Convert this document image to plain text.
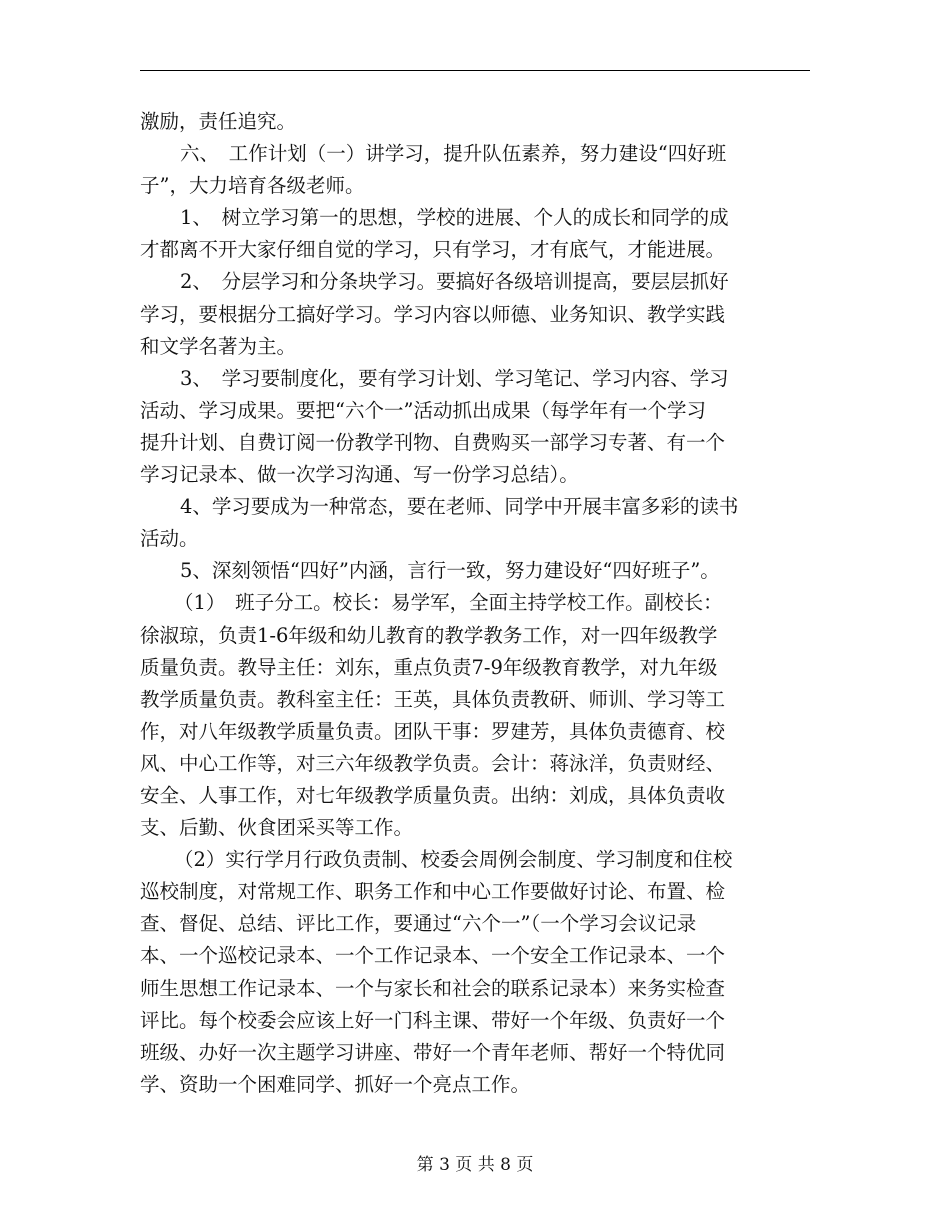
激励，责任追究。
六、　工作计划（一）讲学习，提升队伍素养，努力建设“四好班
子”，大力培育各级老师。
1、　树立学习第一的思想，学校的进展、个人的成长和同学的成
才都离不开大家仔细自觉的学习，只有学习，才有底气，才能进展。
2、　分层学习和分条块学习。要搞好各级培训提高，要层层抓好
学习，要根据分工搞好学习。学习内容以师德、业务知识、教学实践
和文学名著为主。
3、　学习要制度化，要有学习计划、学习笔记、学习内容、学习
活动、学习成果。要把“六个一”活动抓出成果（每学年有一个学习
提升计划、自费订阅一份教学刊物、自费购买一部学习专著、有一个
学习记录本、做一次学习沟通、写一份学习总结）。
4、学习要成为一种常态，要在老师、同学中开展丰富多彩的读书
活动。
5、深刻领悟“四好”内涵，言行一致，努力建设好“四好班子”。
（1）　班子分工。校长：易学军，全面主持学校工作。副校长：
徐淑琼，负责1-6年级和幼儿教育的教学教务工作，对一四年级教学
质量负责。教导主任：刘东，重点负责7-9年级教育教学，对九年级
教学质量负责。教科室主任：王英，具体负责教研、师训、学习等工
作，对八年级教学质量负责。团队干事：罗建芳，具体负责德育、校
风、中心工作等，对三六年级教学负责。会计：蒋泳洋，负责财经、
安全、人事工作，对七年级教学质量负责。出纳：刘成，具体负责收
支、后勤、伙食团采买等工作。
（2）实行学月行政负责制、校委会周例会制度、学习制度和住校
巡校制度，对常规工作、职务工作和中心工作要做好讨论、布置、检
查、督促、总结、评比工作，要通过“六个一”（一个学习会议记录
本、一个巡校记录本、一个工作记录本、一个安全工作记录本、一个
师生思想工作记录本、一个与家长和社会的联系记录本）来务实检查
评比。每个校委会应该上好一门科主课、带好一个年级、负责好一个
班级、办好一次主题学习讲座、带好一个青年老师、帮好一个特优同
学、资助一个困难同学、抓好一个亮点工作。
第 3 页 共 8 页
